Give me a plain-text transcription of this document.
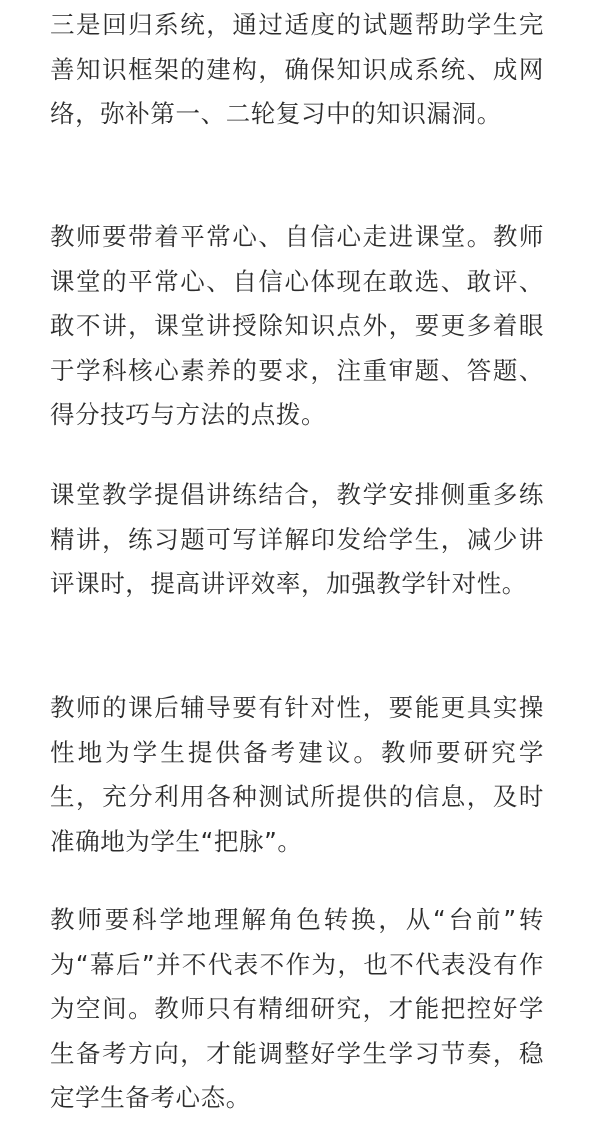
三是回归系统，通过适度的试题帮助学生完善知识框架的建构，确保知识成系统、成网络，弥补第一、二轮复习中的知识漏洞。

教师要带着平常心、自信心走进课堂。教师课堂的平常心、自信心体现在敢选、敢评、敢不讲，课堂讲授除知识点外，要更多着眼于学科核心素养的要求，注重审题、答题、得分技巧与方法的点拨。

课堂教学提倡讲练结合，教学安排侧重多练精讲，练习题可写详解印发给学生，减少讲评课时，提高讲评效率，加强教学针对性。

教师的课后辅导要有针对性，要能更具实操性地为学生提供备考建议。教师要研究学生，充分利用各种测试所提供的信息，及时准确地为学生“把脉”。

教师要科学地理解角色转换，从“台前”转为“幕后”并不代表不作为，也不代表没有作为空间。教师只有精细研究，才能把控好学生备考方向，才能调整好学生学习节奏，稳定学生备考心态。
